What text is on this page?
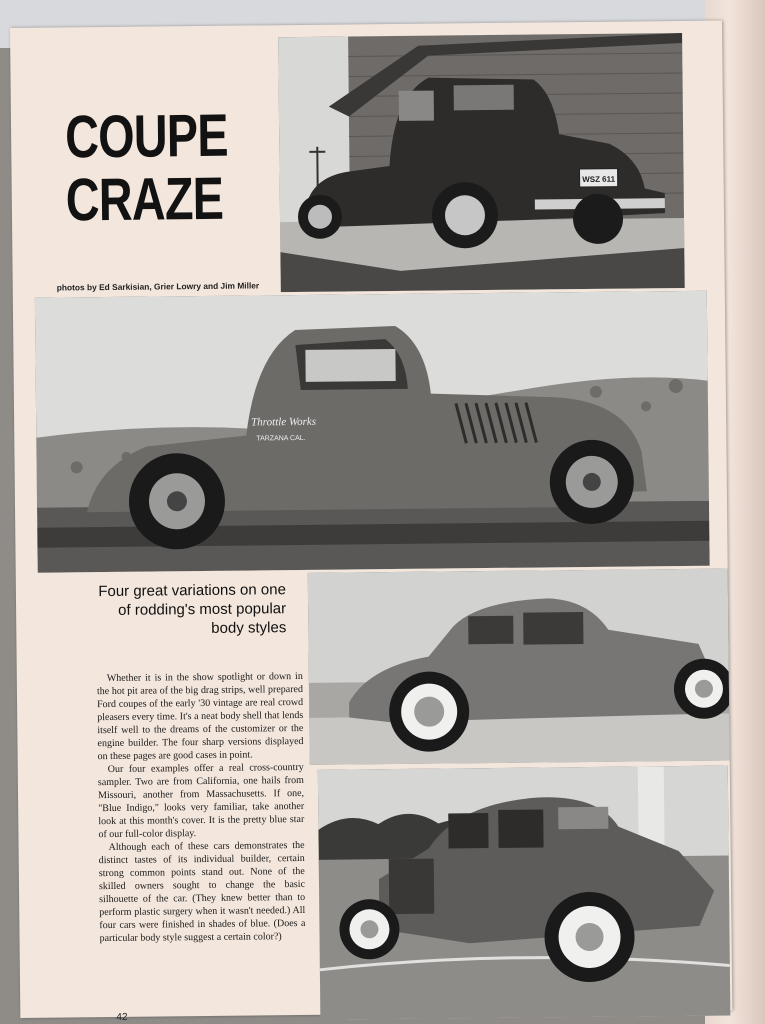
WSZ 611
COUPE
CRAZE
photos by Ed Sarkisian, Grier Lowry and Jim Miller
Throttle Works
TARZANA CAL.
Four great variations on one of rodding's most popular body styles

Whether it is in the show spotlight or down in the hot pit area of the big drag strips, well prepared Ford coupes of the early '30 vintage are real crowd pleasers every time. It's a neat body shell that lends itself well to the dreams of the customizer or the engine builder. The four sharp versions displayed on these pages are good cases in point.

Our four examples offer a real cross-country sampler. Two are from California, one hails from Missouri, another from Massachusetts. If one, "Blue Indigo," looks very familiar, take another look at this month's cover. It is the pretty blue star of our full-color display.

Although each of these cars demonstrates the distinct tastes of its individual builder, certain strong common points stand out. None of the skilled owners sought to change the basic silhouette of the car. (They knew better than to perform plastic surgery when it wasn't needed.) All four cars were finished in shades of blue. (Does a particular body style suggest a certain color?)

42
